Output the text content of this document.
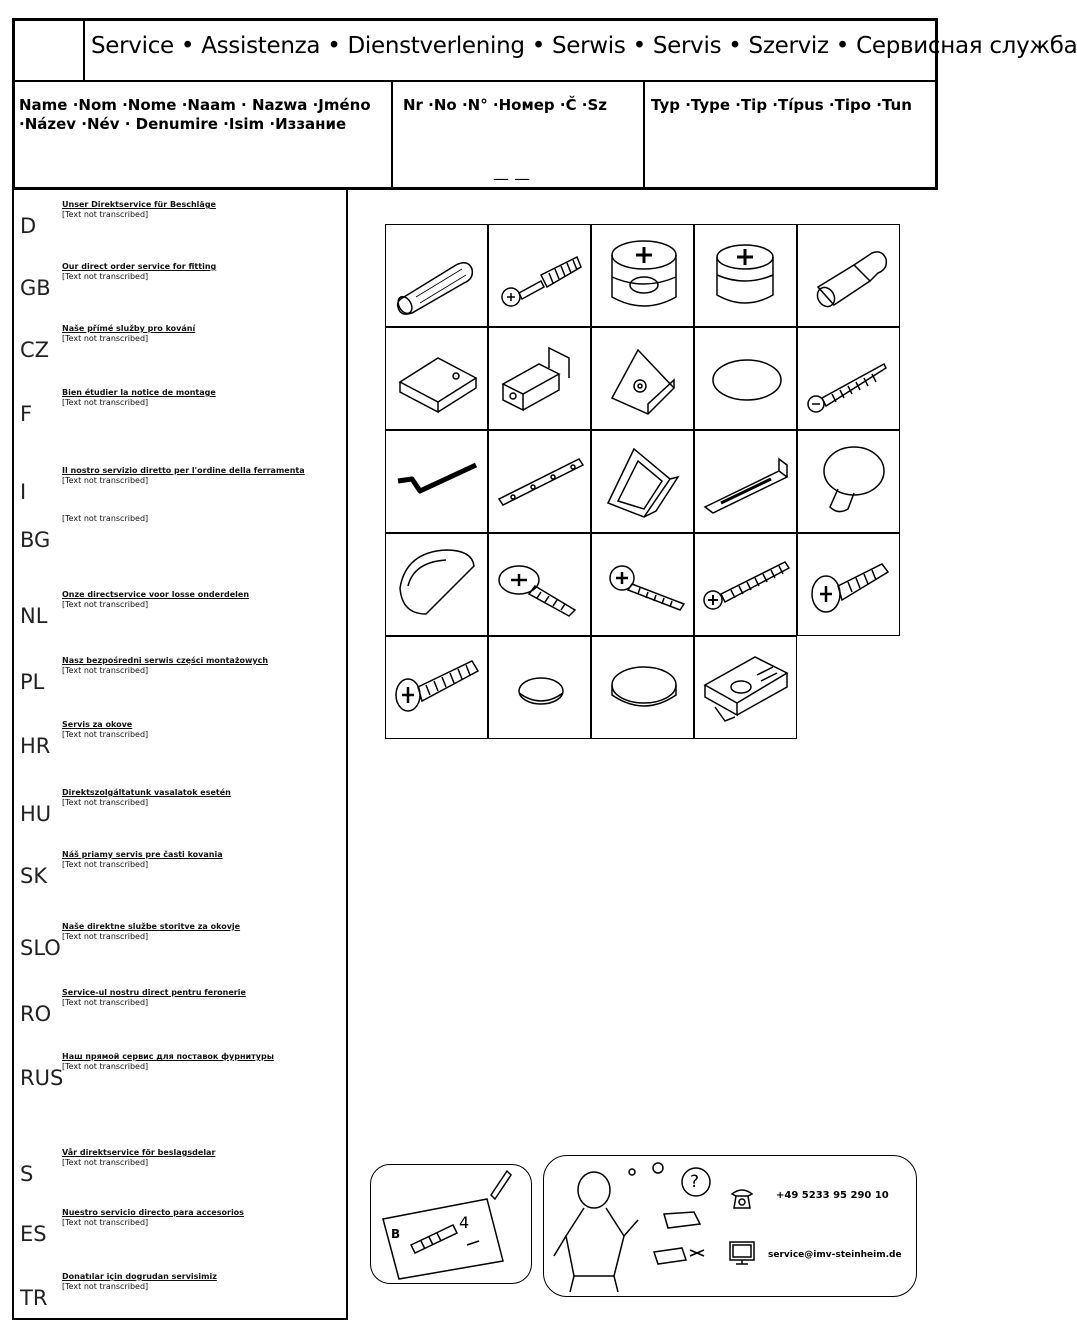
Service • Assistenza • Dienstverlening • Serwis • Servis • Szerviz • Сервисная cлужба
Name ·Nom ·Nome ·Naam · Nazwa ·Jméno
·Název ·Név · Denumire ·Isim ·Иззание
Nr ·No ·N° ·Номер ·Č ·Sz
— —
Typ ·Type ·Tip ·Típus ·Tipo ·Tun
D
Unser Direktservice für Beschläge
[Text not transcribed]
GB
Our direct order service for fitting
[Text not transcribed]
CZ
Naše přímé služby pro kování
[Text not transcribed]
F
Bien étudier la notice de montage
[Text not transcribed]
I
Il nostro servizio diretto per l'ordine della ferramenta
[Text not transcribed]
BG
[Text not transcribed]
NL
Onze directservice voor losse onderdelen
[Text not transcribed]
PL
Nasz bezpośredni serwis części montażowych
[Text not transcribed]
HR
Servis za okove
[Text not transcribed]
HU
Direktszolgáltatunk vasalatok esetén
[Text not transcribed]
SK
Náš priamy servis pre časti kovania
[Text not transcribed]
SLO
Naše direktne službe storitve za okovje
[Text not transcribed]
RO
Service-ul nostru direct pentru feronerie
[Text not transcribed]
RUS
Наш прямой сервис для поставок фурнитуры
[Text not transcribed]
S
Vår direktservice för beslagsdelar
[Text not transcribed]
ES
Nuestro servicio directo para accesorios
[Text not transcribed]
TR
Donatılar için dogrudan servisimiz
[Text not transcribed]
B
4
?
+49 5233 95 290 10
service@imv-steinheim.de
